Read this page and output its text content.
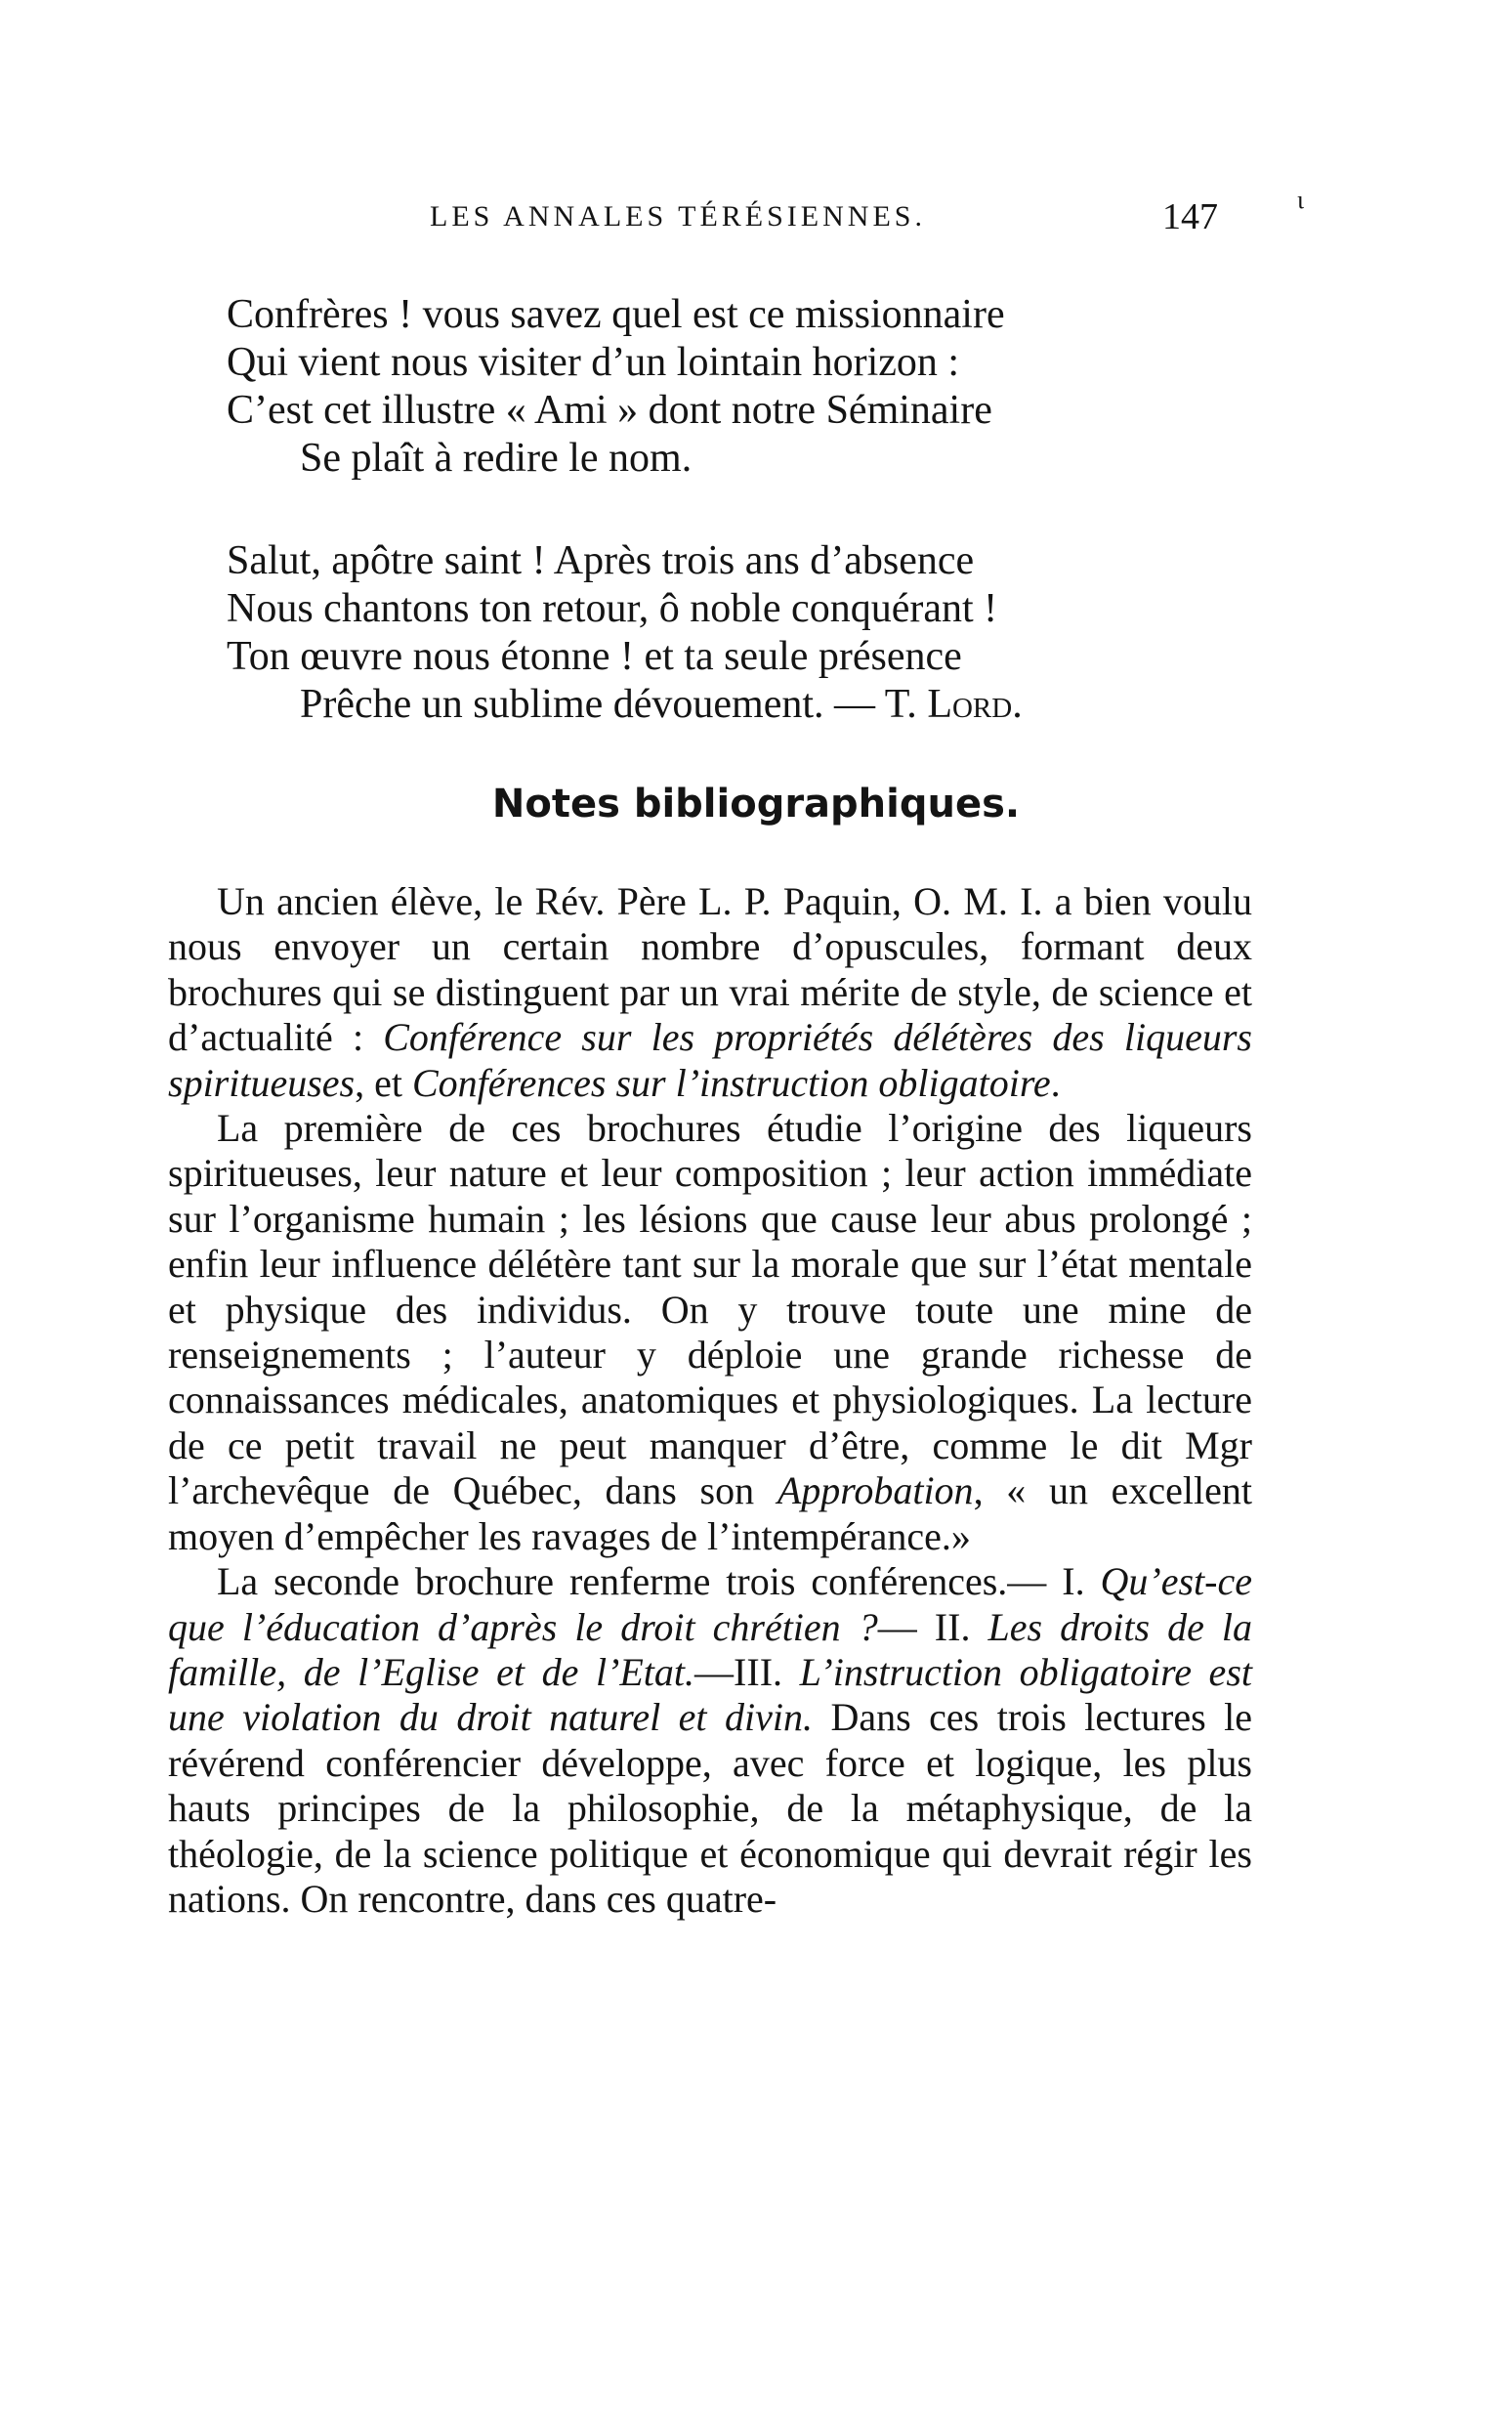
LES ANNALES TÉRÉSIENNES.	147	ι
Confrères ! vous savez quel est ce missionnaire
Qui vient nous visiter d’un lointain horizon :
C’est cet illustre « Ami » dont notre Séminaire
Se plaît à redire le nom.
Salut, apôtre saint ! Après trois ans d’absence
Nous chantons ton retour, ô noble conquérant !
Ton œuvre nous étonne ! et ta seule présence
Prêche un sublime dévouement. — T. Lord.
Notes bibliographiques.

Un ancien élève, le Rév. Père L. P. Paquin, O. M. I. a bien voulu nous envoyer un certain nombre d’opuscules, formant deux brochures qui se distinguent par un vrai mérite de style, de science et d’actualité : Conférence sur les propriétés délétères des liqueurs spiritueuses, et Conférences sur l’instruction obligatoire.

La première de ces brochures étudie l’origine des liqueurs spiritueuses, leur nature et leur composition ; leur action immédiate sur l’organisme humain ; les lésions que cause leur abus prolongé ; enfin leur influence délétère tant sur la morale que sur l’état mentale et physique des individus. On y trouve toute une mine de renseignements ; l’auteur y déploie une grande richesse de connaissances médicales, anatomiques et physiologiques. La lecture de ce petit travail ne peut manquer d’être, comme le dit Mgr l’archevêque de Québec, dans son Approbation, « un excellent moyen d’empêcher les ravages de l’intempérance.»

La seconde brochure renferme trois conférences.— I. Qu’est-ce que l’éducation d’après le droit chrétien ?— II. Les droits de la famille, de l’Eglise et de l’Etat.—III. L’instruction obligatoire est une violation du droit naturel et divin. Dans ces trois lectures le révérend conférencier développe, avec force et logique, les plus hauts principes de la philosophie, de la métaphysique, de la théologie, de la science politique et économique qui devrait régir les nations. On rencontre, dans ces quatre-
